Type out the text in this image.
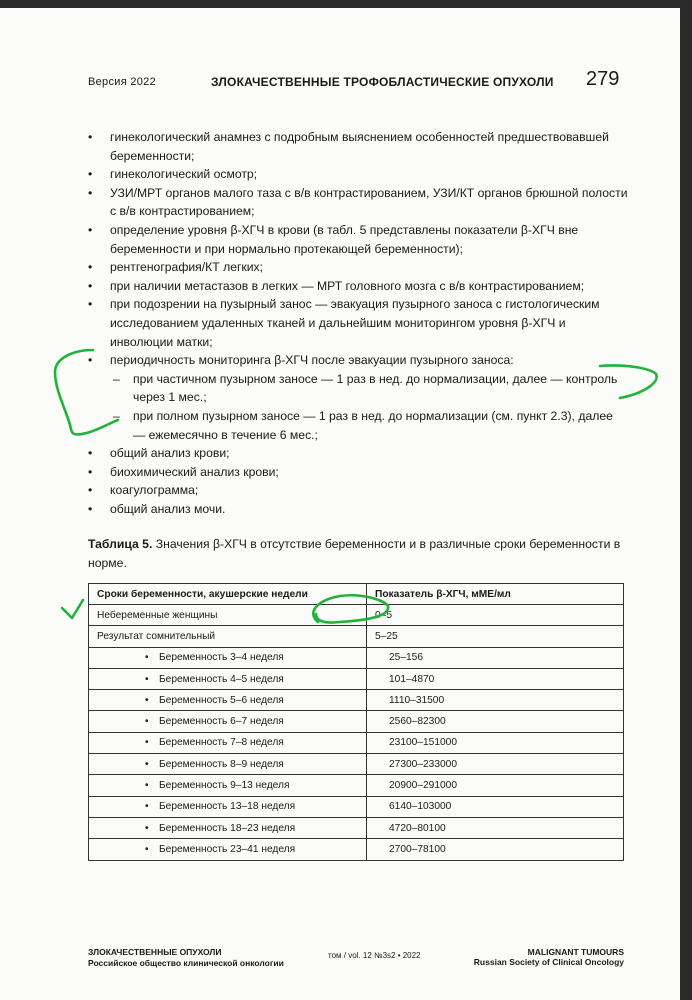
Версия 2022	ЗЛОКАЧЕСТВЕННЫЕ ТРОФОБЛАСТИЧЕСКИЕ ОПУХОЛИ 279
• гинекологический анамнез с подробным выяснением особенностей предшествовавшей беременности;
• гинекологический осмотр;
• УЗИ/МРТ органов малого таза с в/в контрастированием, УЗИ/КТ органов брюшной полости с в/в контрастированием;
• определение уровня β-ХГЧ в крови (в табл. 5 представлены показатели β-ХГЧ вне беременности и при нормально протекающей беременности);
• рентгенография/КТ легких;
• при наличии метастазов в легких — МРТ головного мозга с в/в контрастированием;
• при подозрении на пузырный занос — эвакуация пузырного заноса с гистологическим исследованием удаленных тканей и дальнейшим мониторингом уровня β-ХГЧ и инволюции матки;
• периодичность мониторинга β-ХГЧ после эвакуации пузырного заноса:
– при частичном пузырном заносе — 1 раз в нед. до нормализации, далее — контроль через 1 мес.;
– при полном пузырном заносе — 1 раз в нед. до нормализации (см. пункт 2.3), далее — ежемесячно в течение 6 мес.;
• общий анализ крови;
• биохимический анализ крови;
• коагулограмма;
• общий анализ мочи.
Таблица 5. Значения β-ХГЧ в отсутствие беременности и в различные сроки беременности в норме.
Сроки беременности, акушерские недели	Показатель β-ХГЧ, мМЕ/мл
Небеременные женщины	0–5
Результат сомнительный	5–25

• Беременность 3–4 неделя	25–156

• Беременность 4–5 неделя	101–4870

• Беременность 5–6 неделя	1110–31500

• Беременность 6–7 неделя	2560–82300

• Беременность 7–8 неделя	23100–151000

• Беременность 8–9 неделя	27300–233000

• Беременность 9–13 неделя	20900–291000

• Беременность 13–18 неделя	6140–103000

• Беременность 18–23 неделя	4720–80100

• Беременность 23–41 неделя	2700–78100
ЗЛОКАЧЕСТВЕННЫЕ ОПУХОЛИ
Российское общество клинической онкологии
том / vol. 12 №3s2 • 2022	MALIGNANT TUMOURS
Russian Society of Clinical Oncology
